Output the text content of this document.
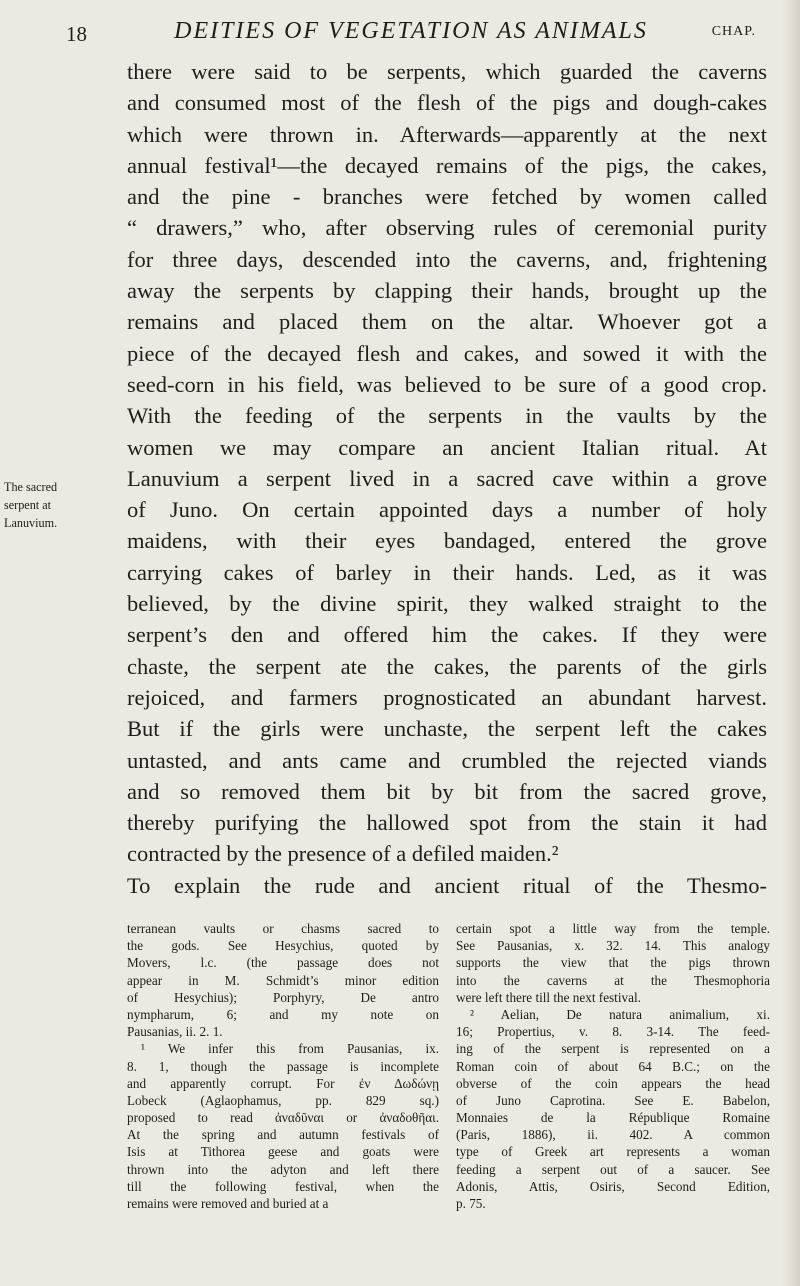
18	DEITIES OF VEGETATION AS ANIMALS	CHAP.
The sacred
serpent at
Lanuvium.
there were said to be serpents, which guarded the caverns
and consumed most of the flesh of the pigs and dough-cakes
which were thrown in. Afterwards—apparently at the next
annual festival¹—the decayed remains of the pigs, the cakes,
and the pine - branches were fetched by women called
“ drawers,” who, after observing rules of ceremonial purity
for three days, descended into the caverns, and, frightening
away the serpents by clapping their hands, brought up the
remains and placed them on the altar. Whoever got a
piece of the decayed flesh and cakes, and sowed it with the
seed-corn in his field, was believed to be sure of a good crop.
With the feeding of the serpents in the vaults by the
women we may compare an ancient Italian ritual. At
Lanuvium a serpent lived in a sacred cave within a grove
of Juno. On certain appointed days a number of holy
maidens, with their eyes bandaged, entered the grove
carrying cakes of barley in their hands. Led, as it was
believed, by the divine spirit, they walked straight to the
serpent’s den and offered him the cakes. If they were
chaste, the serpent ate the cakes, the parents of the girls
rejoiced, and farmers prognosticated an abundant harvest.
But if the girls were unchaste, the serpent left the cakes
untasted, and ants came and crumbled the rejected viands
and so removed them bit by bit from the sacred grove,
thereby purifying the hallowed spot from the stain it had
contracted by the presence of a defiled maiden.²
To explain the rude and ancient ritual of the Thesmo-
terranean vaults or chasms sacred to
the gods. See Hesychius, quoted by
Movers, l.c. (the passage does not
appear in M. Schmidt’s minor edition
of Hesychius); Porphyry, De antro
nympharum, 6; and my note on
Pausanias, ii. 2. 1.
¹ We infer this from Pausanias, ix.
8. 1, though the passage is incomplete
and apparently corrupt. For ἐν Δωδώνῃ
Lobeck (Aglaophamus, pp. 829 sq.)
proposed to read ἀναδῦναι or ἀναδοθῆαι.
At the spring and autumn festivals of
Isis at Tithorea geese and goats were
thrown into the adyton and left there
till the following festival, when the
remains were removed and buried at a
certain spot a little way from the temple.
See Pausanias, x. 32. 14. This analogy
supports the view that the pigs thrown
into the caverns at the Thesmophoria
were left there till the next festival.
² Aelian, De natura animalium, xi.
16; Propertius, v. 8. 3-14. The feed-
ing of the serpent is represented on a
Roman coin of about 64 B.C.; on the
obverse of the coin appears the head
of Juno Caprotina. See E. Babelon,
Monnaies de la République Romaine
(Paris, 1886), ii. 402. A common
type of Greek art represents a woman
feeding a serpent out of a saucer. See
Adonis, Attis, Osiris, Second Edition,
p. 75.
